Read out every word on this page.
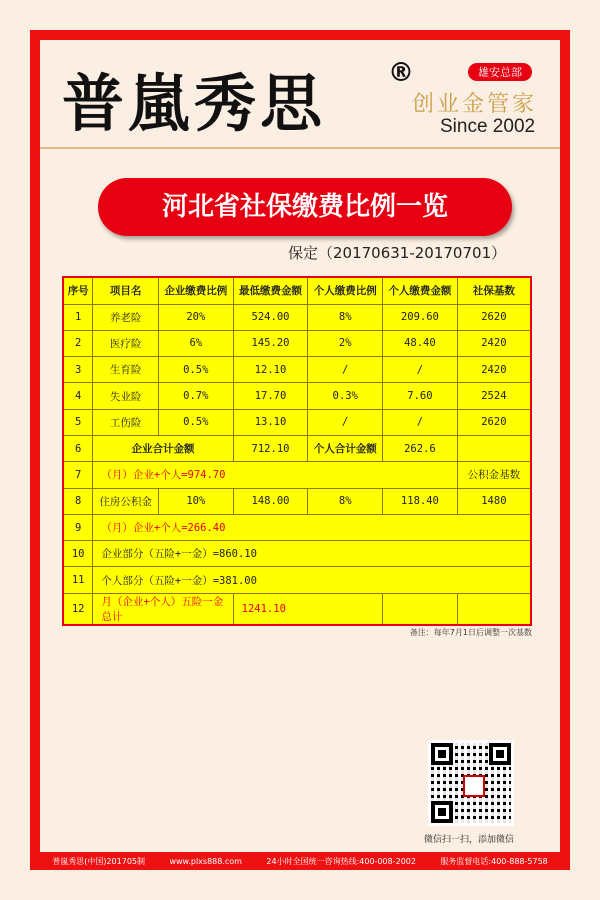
普嵐秀思 ®	雄安总部
创业金管家
Since 2002
河北省社保缴费比例一览
保定（20170631-20170701）
序号	项目名	企业缴费比例	最低缴费金额	个人缴费比例	个人缴费金额	社保基数
1	养老险	20%	524.00	8%	209.60	2620
2	医疗险	6%	145.20	2%	48.40	2420
3	生育险	0.5%	12.10	/	/	2420
4	失业险	0.7%	17.70	0.3%	7.60	2524
5	工伤险	0.5%	13.10	/	/	2620
6	企业合计金额		712.10	个人合计金额	262.6	
7	（月）企业+个人=974.70					公积金基数
8	住房公积金	10%	148.00	8%	118.40	1480
9	（月）企业+个人=266.40					
10	企业部分（五险+一金）=860.10					
11	个人部分（五险+一金）=381.00					
12	月（企业+个人）五险一金总计		1241.10			
备注：每年7月1日后调整一次基数
微信扫一扫，添加微信
普嵐秀思(中国)201705制	www.plxs888.com	24小时全国统一咨询热线:400-008-2002	服务监督电话:400-888-5758
